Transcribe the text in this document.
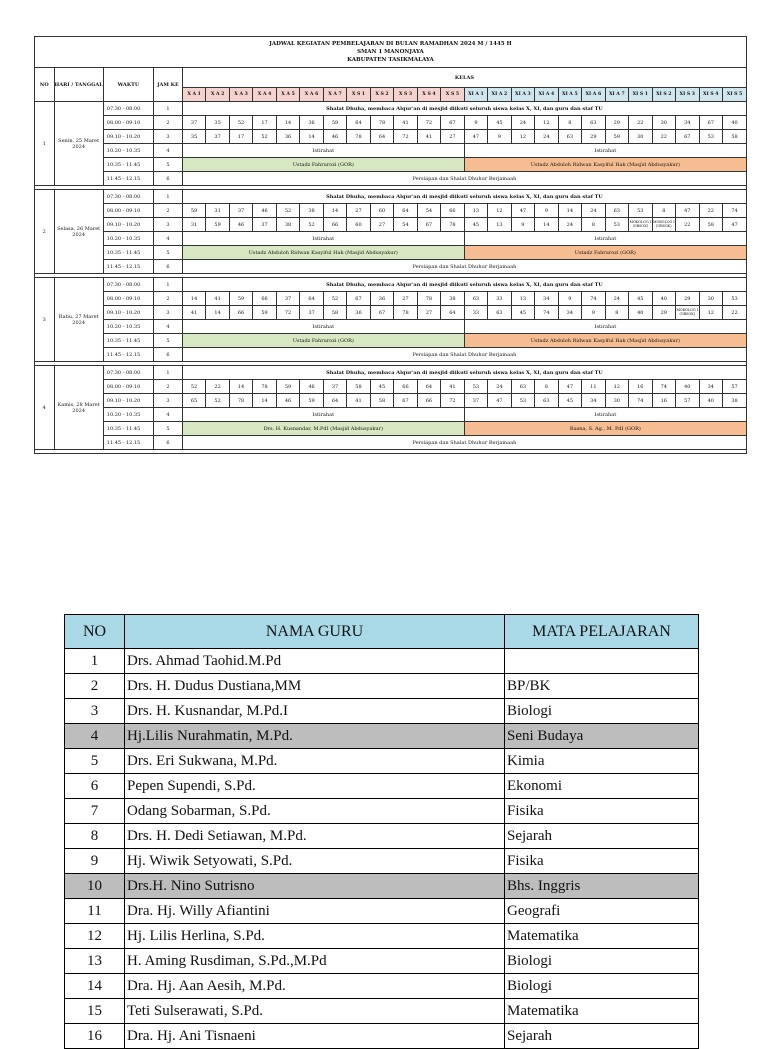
JADWAL KEGIATAN PEMBELAJARAN DI BULAN RAMADHAN 2024 M / 1445 H
SMAN 1 MANONJAYA
KABUPATEN TASIKMALAYA																											

NO	HARI / TANGGAL	WAKTU	JAM KE	KELAS																							
				X A 1	X A 2	X A 3	X A 4	X A 5	X A 6	X A 7	X S 1	X S 2	X S 3	X S 4	X S 5	XI A 1	XI A 2	XI A 3	XI A 4	XI A 5	XI A 6	XI A 7	XI S 1	XI S 2	XI S 3	XI S 4	XI S 5
1	Senin, 25 Maret 2024	07.30 - 08.00	1	Shalat Dhuha, membaca Alqur'an di mesjid diikuti seluruh siswa kelas X, XI, dan guru dan staf TU																							
		08.00 - 09.10	2	37	35	52	17	14	36	59	64	78	41	72	67	9	45	24	12	8	63	29	22	30	34	67	40
		09.10 - 10.20	3	35	37	17	52	36	14	46	78	64	72	41	27	47	9	12	24	63	29	59	30	22	67	53	58
		10.20 - 10.35	4	Istirahat												Istirahat											
		10.35 - 11.45	5	Ustadz Fahrurozi (GOR)												Ustadz Abduloh Ridwan Kasyiful Hak (Masjid Abdusyakur)											
		11.45 - 12.15	6	Persiapan dan Shalat Dhuhur Berjamaah																							

2	Selasa, 26 Maret 2024	07.30 - 08.00	1	Shalat Dhuha, membaca Alqur'an di mesjid diikuti seluruh siswa kelas X, XI, dan guru dan staf TU																							
		08.00 - 09.10	2	59	31	37	46	52	38	14	27	60	64	54	66	13	12	47	9	14	24	63	53	8	47	22	74
		09.10 - 10.20	3	31	59	46	37	38	52	66	60	27	54	67	78	45	13	9	14	24	8	53	MOKOLOG I (GBSOK)	MOKOLOG I (GBSOK)	22	58	47
		10.20 - 10.35	4	Istirahat												Istirahat											
		10.35 - 11.45	5	Ustadz Abduloh Ridwan Kasyiful Hak (Masjid Abdusyakur)												Ustadz Fahrurozi (GOR)											
		11.45 - 12.15	6	Persiapan dan Shalat Dhuhur Berjamaah																							

3	Rabu, 27 Maret 2024	07.30 - 08.00	1	Shalat Dhuha, membaca Alqur'an di mesjid diikuti seluruh siswa kelas X, XI, dan guru dan staf TU																							
		08.00 - 09.10	2	14	41	59	66	37	64	52	67	36	27	78	38	63	33	13	34	9	74	24	45	40	29	30	53
		09.10 - 10.20	3	41	14	66	59	72	37	58	36	67	78	27	64	33	63	45	74	34	9	8	40	29	MOKOLOG I (GBSOK)	12	22
		10.20 - 10.35	4	Istirahat												Istirahat											
		10.35 - 11.45	5	Ustadz Fahrurozi (GOR)												Ustadz Abduloh Ridwan Kasyiful Hak (Masjid Abdusyakur)											
		11.45 - 12.15	6	Persiapan dan Shalat Dhuhur Berjamaah																							

4	Kamis, 28 Maret 2024	07.30 - 08.00	1	Shalat Dhuha, membaca Alqur'an di mesjid diikuti seluruh siswa kelas X, XI, dan guru dan staf TU																							
		08.00 - 09.10	2	52	22	14	78	59	46	37	58	45	66	64	41	53	24	63	8	47	11	12	16	74	40	34	57
		09.10 - 10.20	3	65	52	78	14	46	59	64	41	58	67	66	72	37	47	53	63	45	34	30	74	16	57	40	38
		10.20 - 10.35	4	Istirahat												Istirahat											
		10.35 - 11.45	5	Drs. H. Kusnandar, M.PdI (Masjid Abdusyakur)												Rasna, S. Ag., M. PdI (GOR)											
		11.45 - 12.15	6	Persiapan dan Shalat Dhuhur Berjamaah																							

NO	NAMA GURU	MATA PELAJARAN
1	Drs. Ahmad Taohid.M.Pd	
2	Drs. H. Dudus Dustiana,MM	BP/BK
3	Drs. H. Kusnandar, M.Pd.I	Biologi
4	Hj.Lilis Nurahmatin, M.Pd.	Seni Budaya
5	Drs. Eri Sukwana, M.Pd.	Kimia
6	Pepen Supendi, S.Pd.	Ekonomi
7	Odang Sobarman, S.Pd.	Fisika
8	Drs. H. Dedi Setiawan, M.Pd.	Sejarah
9	Hj. Wiwik Setyowati, S.Pd.	Fisika
10	Drs.H. Nino Sutrisno	Bhs. Inggris
11	Dra. Hj. Willy Afiantini	Geografi
12	Hj. Lilis Herlina, S.Pd.	Matematika
13	H. Aming Rusdiman, S.Pd.,M.Pd	Biologi
14	Dra. Hj. Aan Aesih, M.Pd.	Biologi
15	Teti Sulserawati, S.Pd.	Matematika
16	Dra. Hj. Ani Tisnaeni	Sejarah
